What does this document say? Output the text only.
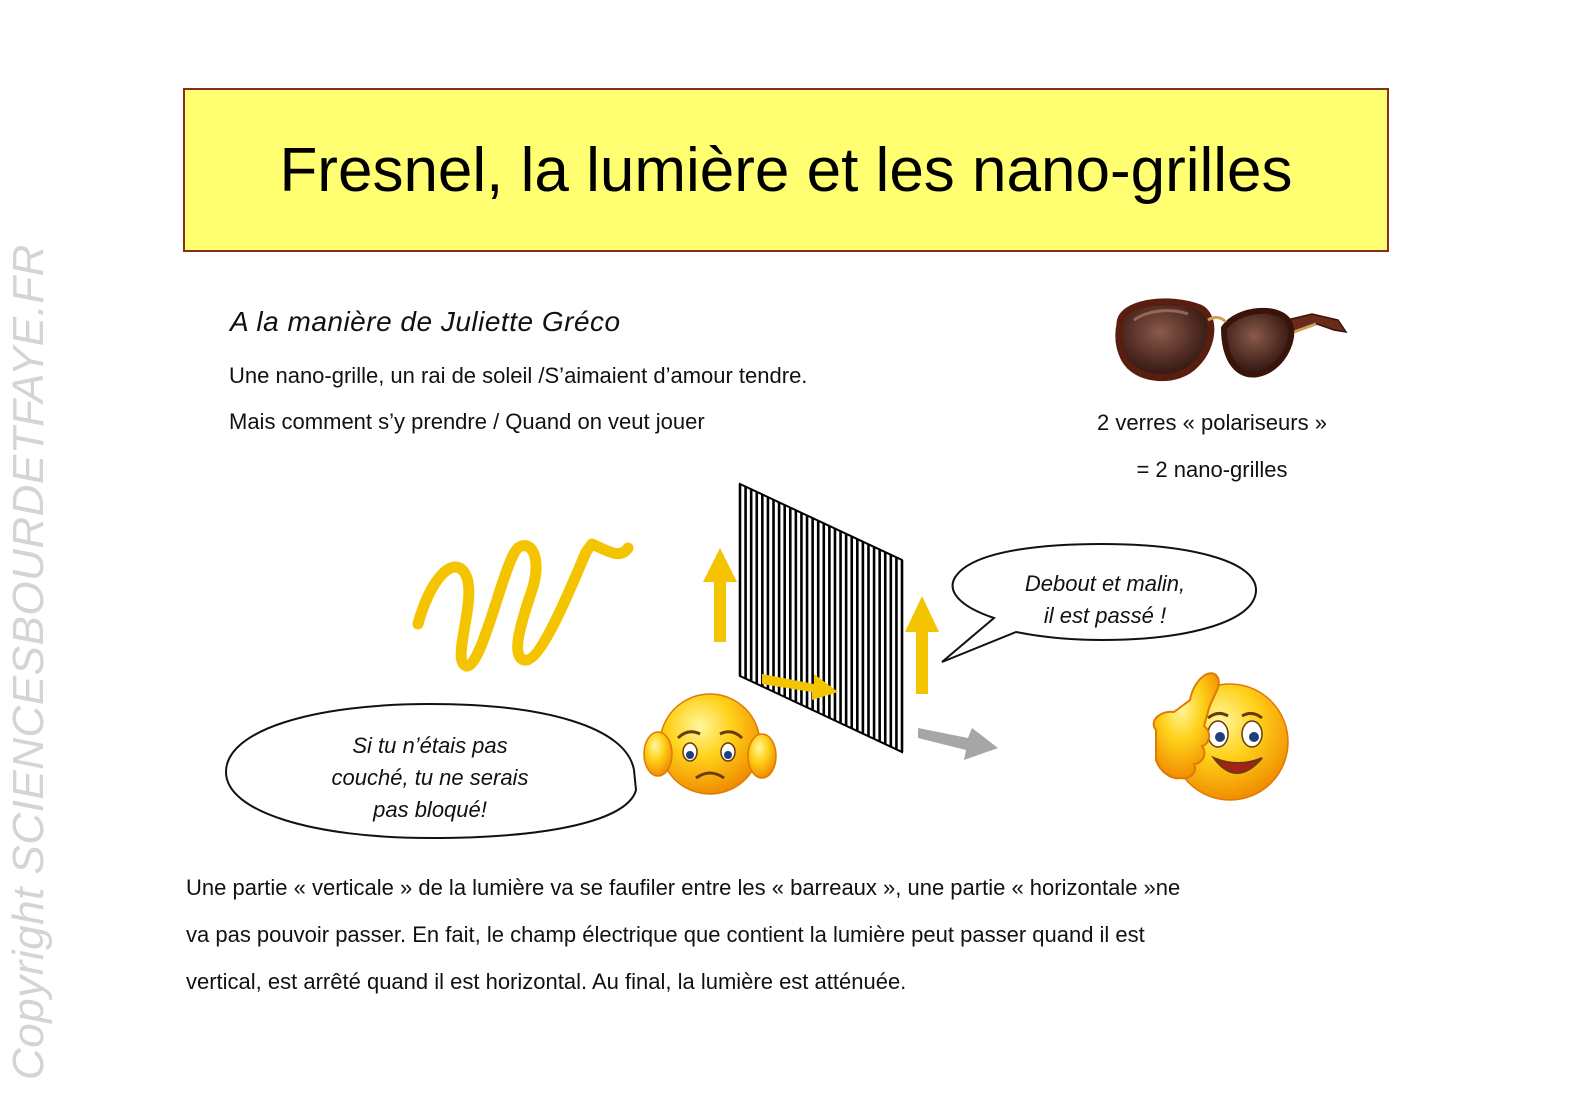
Copyright SCIENCESBOURDETFAYE.FR
Fresnel, la lumière et les nano-grilles
A la manière de Juliette Gréco
Une nano-grille, un rai de soleil /S’aimaient d’amour tendre.
Mais comment s’y prendre / Quand on veut jouer	2 verres « polariseurs »
= 2 nano-grilles
Debout et malin,
il est passé !
Si tu n’étais pas
couché, tu ne serais
pas bloqué!

Une partie « verticale » de la lumière va se faufiler entre les « barreaux », une partie « horizontale »ne

va pas pouvoir passer. En fait, le champ électrique que contient la lumière peut passer quand il est

vertical, est arrêté quand il est horizontal. Au final, la lumière est atténuée.
